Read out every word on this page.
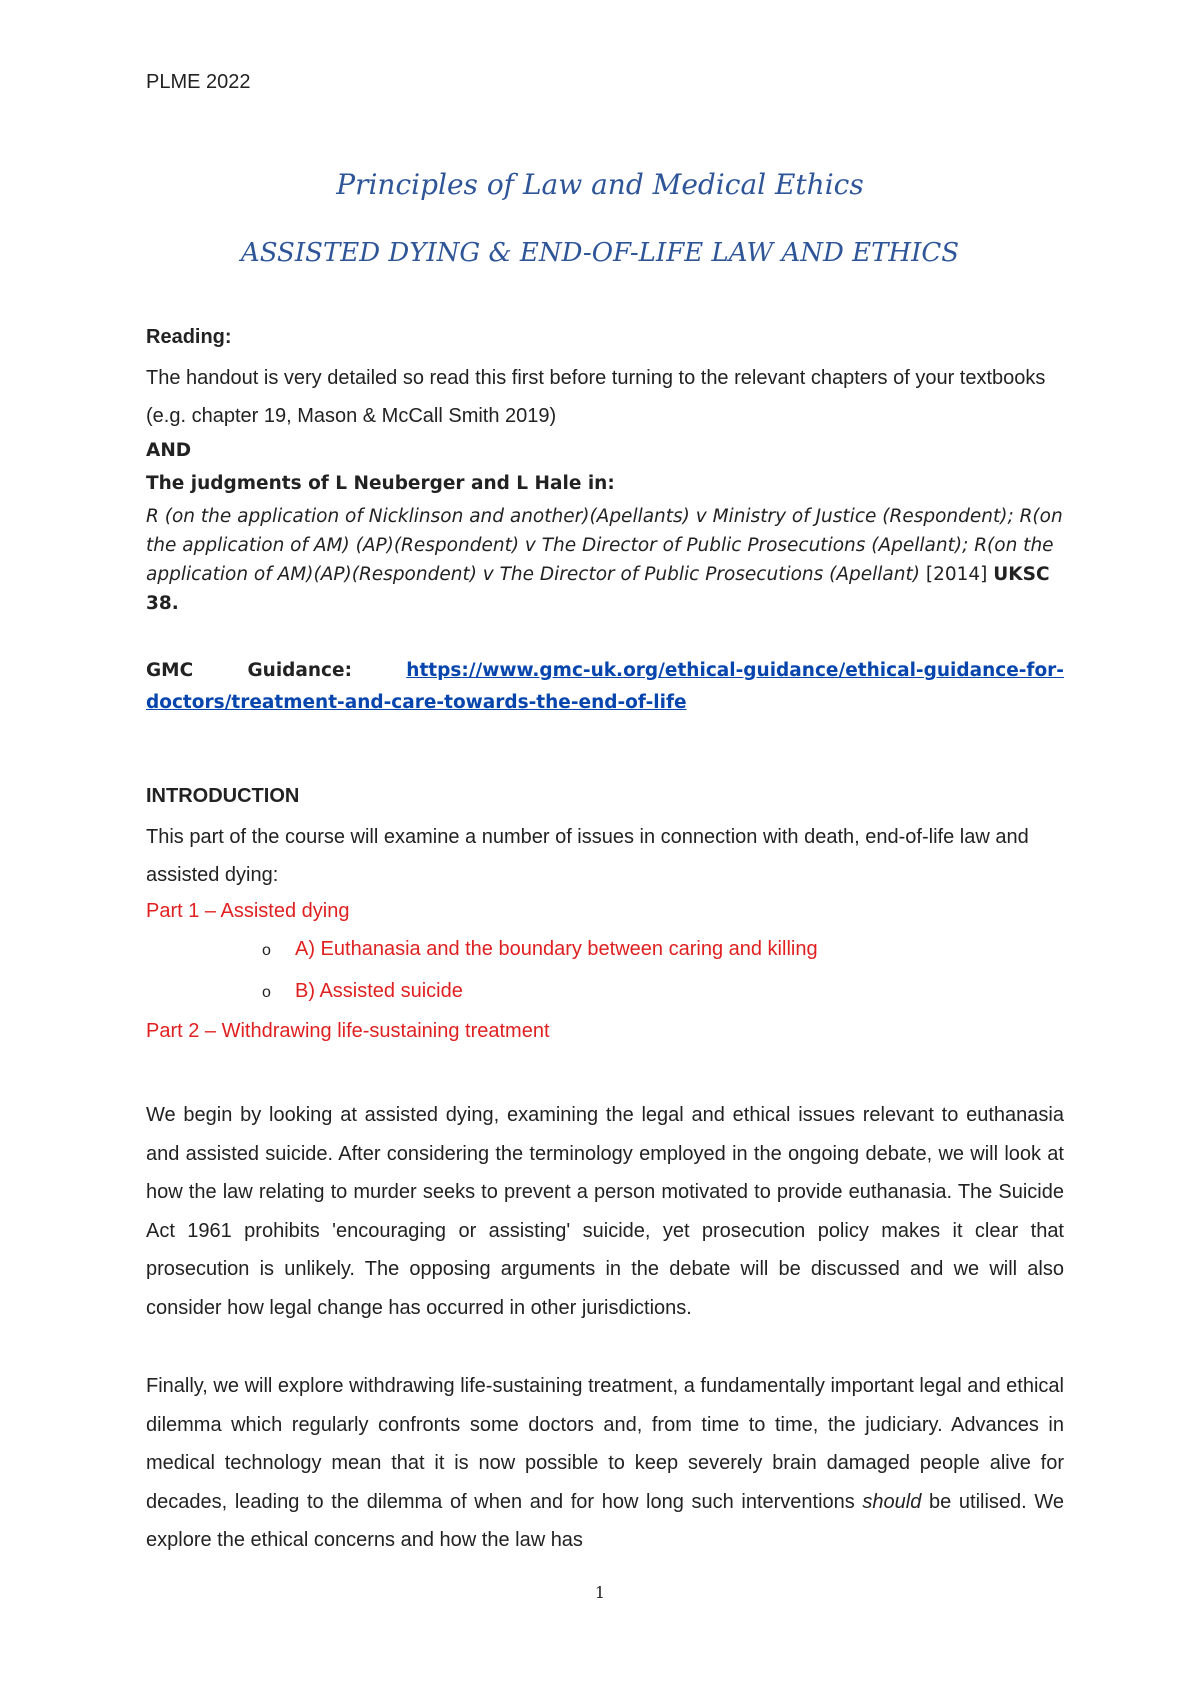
PLME 2022
Principles of Law and Medical Ethics
ASSISTED DYING & END-OF-LIFE LAW AND ETHICS
Reading:
The handout is very detailed so read this first before turning to the relevant chapters of your textbooks (e.g. chapter 19, Mason & McCall Smith 2019)
AND
The judgments of L Neuberger and L Hale in:
R (on the application of Nicklinson and another)(Apellants) v Ministry of Justice (Respondent); R(on the application of AM) (AP)(Respondent) v The Director of Public Prosecutions (Apellant); R(on the application of AM)(AP)(Respondent) v The Director of Public Prosecutions (Apellant) [2014] UKSC 38.
GMC	Guidance:	https://www.gmc-uk.org/ethical-guidance/ethical-guidance-for-
doctors/treatment-and-care-towards-the-end-of-life
INTRODUCTION
This part of the course will examine a number of issues in connection with death, end-of-life law and assisted dying:
Part 1 – Assisted dying
o A) Euthanasia and the boundary between caring and killing
o B) Assisted suicide
Part 2 – Withdrawing life-sustaining treatment
We begin by looking at assisted dying, examining the legal and ethical issues relevant to euthanasia and assisted suicide. After considering the terminology employed in the ongoing debate, we will look at how the law relating to murder seeks to prevent a person motivated to provide euthanasia. The Suicide Act 1961 prohibits 'encouraging or assisting' suicide, yet prosecution policy makes it clear that prosecution is unlikely. The opposing arguments in the debate will be discussed and we will also consider how legal change has occurred in other jurisdictions.
Finally, we will explore withdrawing life-sustaining treatment, a fundamentally important legal and ethical dilemma which regularly confronts some doctors and, from time to time, the judiciary. Advances in medical technology mean that it is now possible to keep severely brain damaged people alive for decades, leading to the dilemma of when and for how long such interventions should be utilised. We explore the ethical concerns and how the law has
1
